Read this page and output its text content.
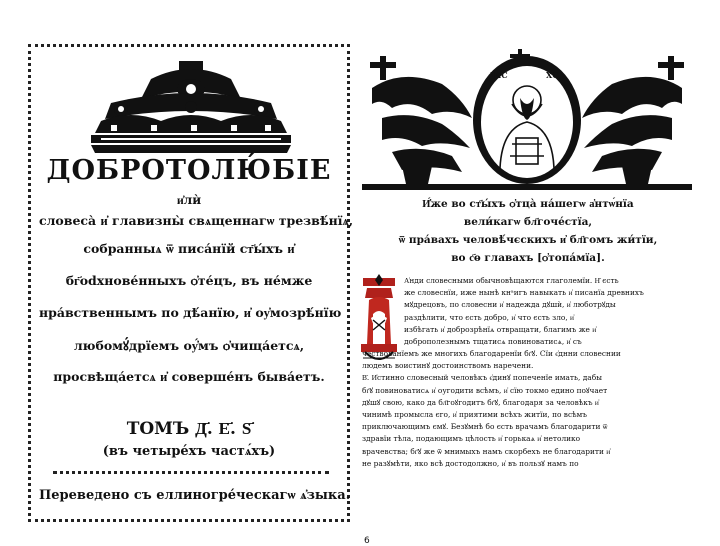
ДОБРОТОЛЮ́БІЕ
и҆лѝ
словеса̀ и҆ главизны̀ свѧщеннагѡ трезвѣ́нїѧ,
собранныѧ ѿ писа́нїй ст҃ы́хъ и҆
бг҃odхнове́нныхъ ѻ҆те́цъ, въ не́мже
нра́вственнымъ по дѣ́анїю, и҆ оу҆мозрѣ́нїю
любомꙋ́дрїемъ оу҆́мъ ѻ҆чища́етсѧ,
просвѣща́етсѧ и҆ соверше́нъ быва́етъ.
ТОМЪ Д҃. Е҃. Ѕ҃
(въ четырéхъ частѧ́хъ)
Переведено съ еллиногре́ческагѡ ѧ҆зыка.
ІИС	ХС
И҆́же во ст҃ы́хъ ѻ҆тца̀ на́шегѡ а҆нтѡ́нїа
вели́кагѡ бл҃гоче́стїа,
ѿ пра́вахъ человѣ́чєскихъ и҆ бл҃гомъ жи́тїи,
во с҃ѳ главахъ [ѻ҆топа́мїа].
А҆нди словесными обычновѣщаются глаголемїи. Н҃ єсть
же словеснїи, иже нынѣ кнᵃигъ навыкать и҆ писанїа древнихъ
мꙋдрецовъ, по словесни и҆ надежда дꙋшѝ, и҆ люботрꙋды
раздѣлити, что єсть добро, и҆ что єсть зло, и҆
избѣгать и҆ доброзрѣнїѧ отвращати, благимъ же и҆
доброполезнымъ тщатисѧ повиноватисѧ, и҆ съ
чествованїемъ же многихъ благодаренїи бг҃ꙋ. Сїи є҆днни словеснии
людемъ воистинꙋ достоинствомъ наречени.
В҃. И҆стинно словесный человѣкъ є҆динꙋ попеченїе имать, дабы
бг҃ꙋ повиноватисѧ и҆ оугодити всѣмъ, и҆ сїю токмо едино поꙋчает
дꙋшꙋ свою, како да бл҃гоꙋгодитъ бг҃ꙋ, благодаря за человѣкъ и҆
чинимѣ промысла єго, и҆ приятими всѣхъ житїи, по всѣмъ
приключающимъ ємꙋ. Безꙋмнѣ бо єсть врачамъ благодарити ѿ
здравїи тѣла, подающимъ цѣлость и҆ горькаѧ и҆ нетолико
врачевства; бг҃ꙋ же ѿ мнимыхъ намъ скорбехъ не благодарити и҆
не разꙋмѣти, яко всѣ достодолжно, и҆ въ пользꙋ намъ по
6
